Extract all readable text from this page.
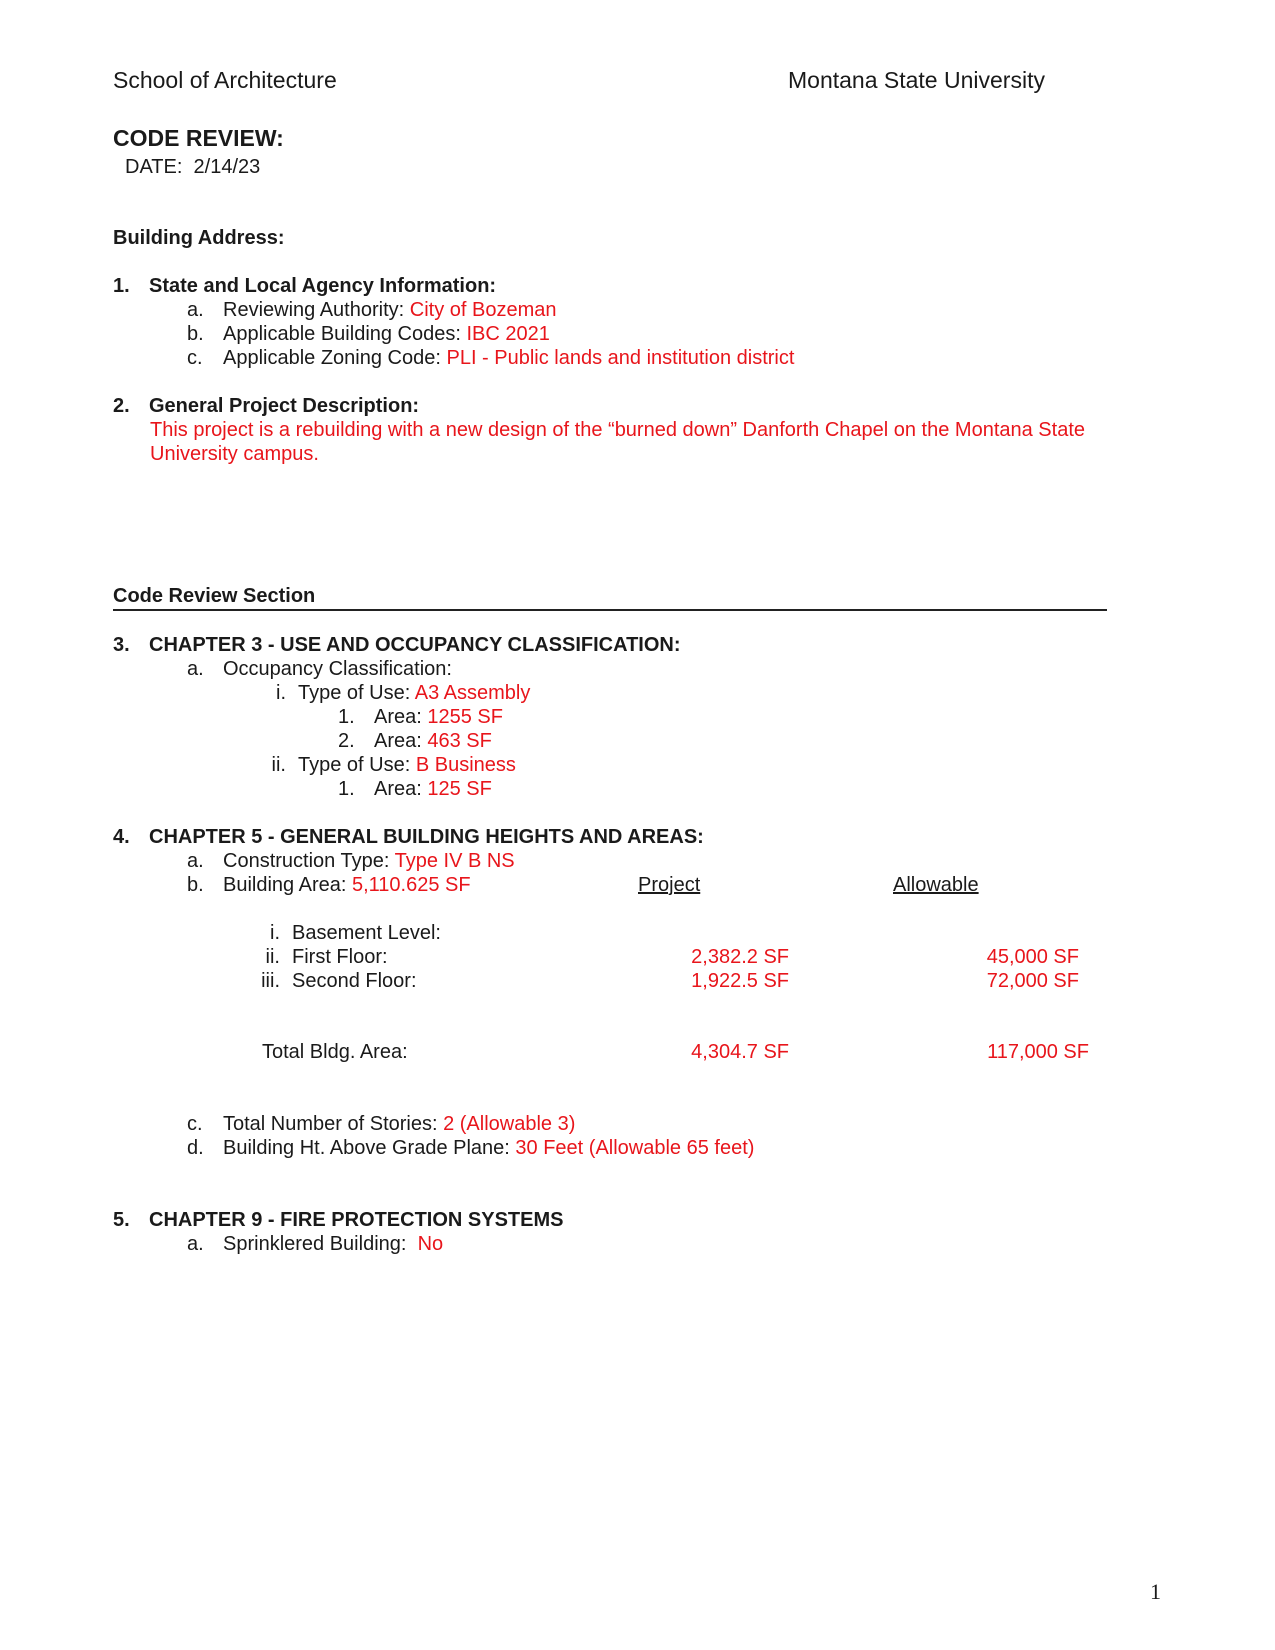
School of Architecture	Montana State University
CODE REVIEW:
DATE: 2/14/23
Building Address:
1. State and Local Agency Information:
a. Reviewing Authority: City of Bozeman
b. Applicable Building Codes: IBC 2021
c. Applicable Zoning Code: PLI - Public lands and institution district
2. General Project Description:
This project is a rebuilding with a new design of the “burned down” Danforth Chapel on the Montana State
University campus.
Code Review Section
3. CHAPTER 3 - USE AND OCCUPANCY CLASSIFICATION:
a. Occupancy Classification:
i. Type of Use: A3 Assembly
1. Area: 1255 SF
2. Area: 463 SF
ii. Type of Use: B Business
1. Area: 125 SF
4. CHAPTER 5 - GENERAL BUILDING HEIGHTS AND AREAS:
a. Construction Type: Type IV B NS
b. Building Area: 5,110.625 SF	Project	Allowable
i. Basement Level:
ii. First Floor:	2,382.2 SF	45,000 SF
iii. Second Floor:	1,922.5 SF	72,000 SF
Total Bldg. Area:	4,304.7 SF	117,000 SF
c. Total Number of Stories: 2 (Allowable 3)
d. Building Ht. Above Grade Plane: 30 Feet (Allowable 65 feet)
5. CHAPTER 9 - FIRE PROTECTION SYSTEMS
a. Sprinklered Building:  No
1
